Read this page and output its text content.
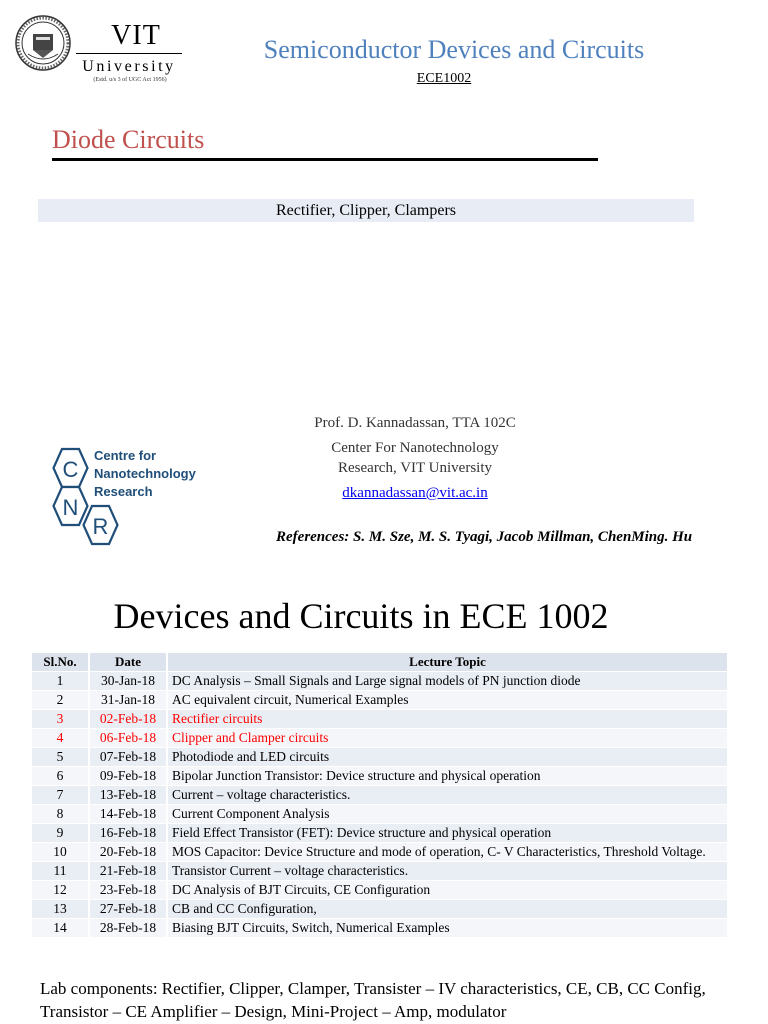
VIT
University
(Estd. u/s 3 of UGC Act 1956)
Semiconductor Devices and Circuits
ECE1002
Diode Circuits
Rectifier, Clipper, Clampers
Prof. D. Kannadassan, TTA 102C
Center For Nanotechnology
Research, VIT University
dkannadassan@vit.ac.in
C
N
R
Centre for
Nanotechnology
Research
References: S. M. Sze, M. S. Tyagi, Jacob Millman, ChenMing. Hu
Devices and Circuits in ECE 1002
Sl.No.	Date	Lecture Topic
1	30-Jan-18	DC Analysis – Small Signals and Large signal models of PN junction diode
2	31-Jan-18	AC equivalent circuit, Numerical Examples
3	02-Feb-18	Rectifier circuits
4	06-Feb-18	Clipper and Clamper circuits
5	07-Feb-18	Photodiode and LED circuits
6	09-Feb-18	Bipolar Junction Transistor: Device structure and physical operation
7	13-Feb-18	Current – voltage characteristics.
8	14-Feb-18	Current Component Analysis
9	16-Feb-18	Field Effect Transistor (FET): Device structure and physical operation
10	20-Feb-18	MOS Capacitor: Device Structure and mode of operation, C- V Characteristics, Threshold Voltage.
11	21-Feb-18	Transistor Current – voltage characteristics.
12	23-Feb-18	DC Analysis of BJT Circuits, CE Configuration
13	27-Feb-18	CB and CC Configuration,
14	28-Feb-18	Biasing BJT Circuits, Switch, Numerical Examples
Lab components: Rectifier, Clipper, Clamper, Transister – IV characteristics, CE, CB, CC Config, Transistor – CE Amplifier – Design, Mini-Project – Amp, modulator
